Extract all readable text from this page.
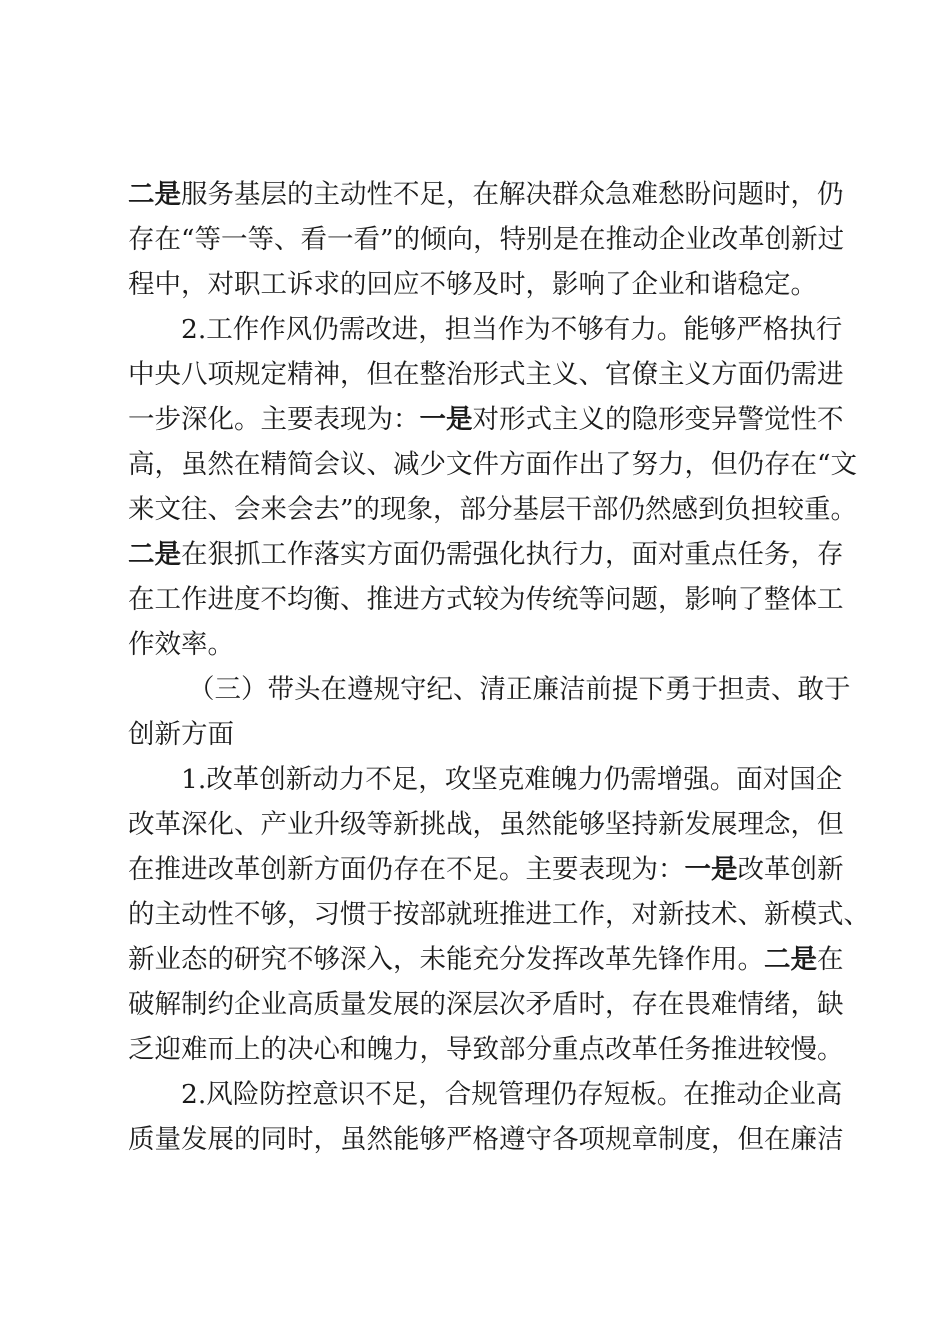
二是服务基层的主动性不足，在解决群众急难愁盼问题时，仍
存在“等一等、看一看”的倾向，特别是在推动企业改革创新过
程中，对职工诉求的回应不够及时，影响了企业和谐稳定。
2.工作作风仍需改进，担当作为不够有力。能够严格执行
中央八项规定精神，但在整治形式主义、官僚主义方面仍需进
一步深化。主要表现为：一是对形式主义的隐形变异警觉性不
高，虽然在精简会议、减少文件方面作出了努力，但仍存在“文
来文往、会来会去”的现象，部分基层干部仍然感到负担较重。
二是在狠抓工作落实方面仍需强化执行力，面对重点任务，存
在工作进度不均衡、推进方式较为传统等问题，影响了整体工
作效率。
（三）带头在遵规守纪、清正廉洁前提下勇于担责、敢于
创新方面
1.改革创新动力不足，攻坚克难魄力仍需增强。面对国企
改革深化、产业升级等新挑战，虽然能够坚持新发展理念，但
在推进改革创新方面仍存在不足。主要表现为：一是改革创新
的主动性不够，习惯于按部就班推进工作，对新技术、新模式、
新业态的研究不够深入，未能充分发挥改革先锋作用。二是在
破解制约企业高质量发展的深层次矛盾时，存在畏难情绪，缺
乏迎难而上的决心和魄力，导致部分重点改革任务推进较慢。
2.风险防控意识不足，合规管理仍存短板。在推动企业高
质量发展的同时，虽然能够严格遵守各项规章制度，但在廉洁
